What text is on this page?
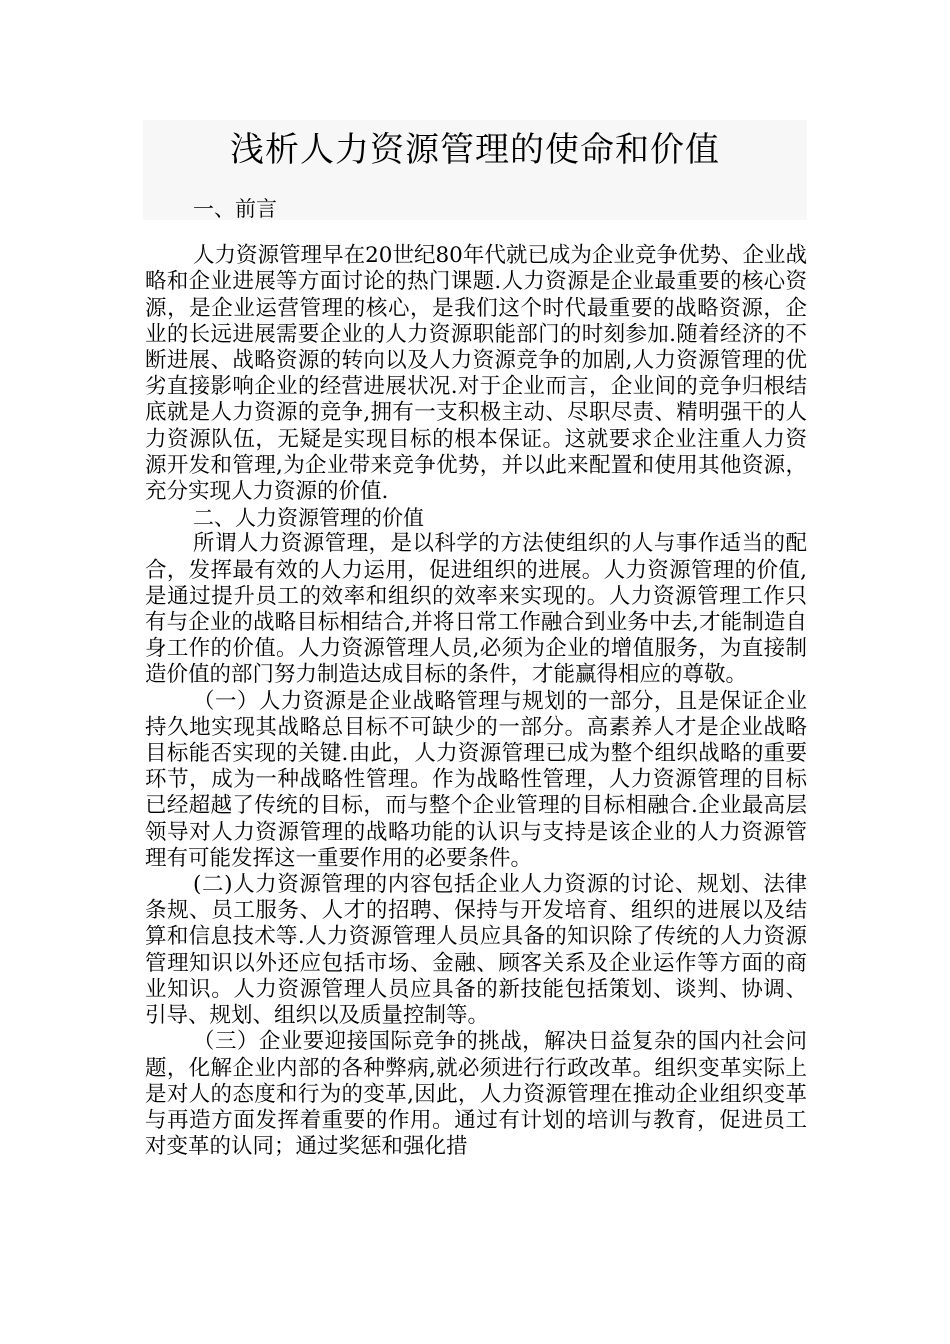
浅析人力资源管理的使命和价值
一、前言

人力资源管理早在20世纪80年代就已成为企业竞争优势、企业战略和企业进展等方面讨论的热门课题.人力资源是企业最重要的核心资源，是企业运营管理的核心，是我们这个时代最重要的战略资源，企业的长远进展需要企业的人力资源职能部门的时刻参加.随着经济的不断进展、战略资源的转向以及人力资源竞争的加剧,人力资源管理的优劣直接影响企业的经营进展状况.对于企业而言，企业间的竞争归根结底就是人力资源的竞争,拥有一支积极主动、尽职尽责、精明强干的人力资源队伍，无疑是实现目标的根本保证。这就要求企业注重人力资源开发和管理,为企业带来竞争优势，并以此来配置和使用其他资源，充分实现人力资源的价值.

二、人力资源管理的价值

所谓人力资源管理，是以科学的方法使组织的人与事作适当的配合，发挥最有效的人力运用，促进组织的进展。人力资源管理的价值,是通过提升员工的效率和组织的效率来实现的。人力资源管理工作只有与企业的战略目标相结合,并将日常工作融合到业务中去,才能制造自身工作的价值。人力资源管理人员,必须为企业的增值服务，为直接制造价值的部门努力制造达成目标的条件，才能赢得相应的尊敬。

（一）人力资源是企业战略管理与规划的一部分，且是保证企业持久地实现其战略总目标不可缺少的一部分。高素养人才是企业战略目标能否实现的关键.由此，人力资源管理已成为整个组织战略的重要环节，成为一种战略性管理。作为战略性管理，人力资源管理的目标已经超越了传统的目标，而与整个企业管理的目标相融合.企业最高层领导对人力资源管理的战略功能的认识与支持是该企业的人力资源管理有可能发挥这一重要作用的必要条件。

(二)人力资源管理的内容包括企业人力资源的讨论、规划、法律条规、员工服务、人才的招聘、保持与开发培育、组织的进展以及结算和信息技术等.人力资源管理人员应具备的知识除了传统的人力资源管理知识以外还应包括市场、金融、顾客关系及企业运作等方面的商业知识。人力资源管理人员应具备的新技能包括策划、谈判、协调、引导、规划、组织以及质量控制等。

（三）企业要迎接国际竞争的挑战，解决日益复杂的国内社会问题，化解企业内部的各种弊病,就必须进行行政改革。组织变革实际上是对人的态度和行为的变革,因此，人力资源管理在推动企业组织变革与再造方面发挥着重要的作用。通过有计划的培训与教育，促进员工对变革的认同；通过奖惩和强化措
